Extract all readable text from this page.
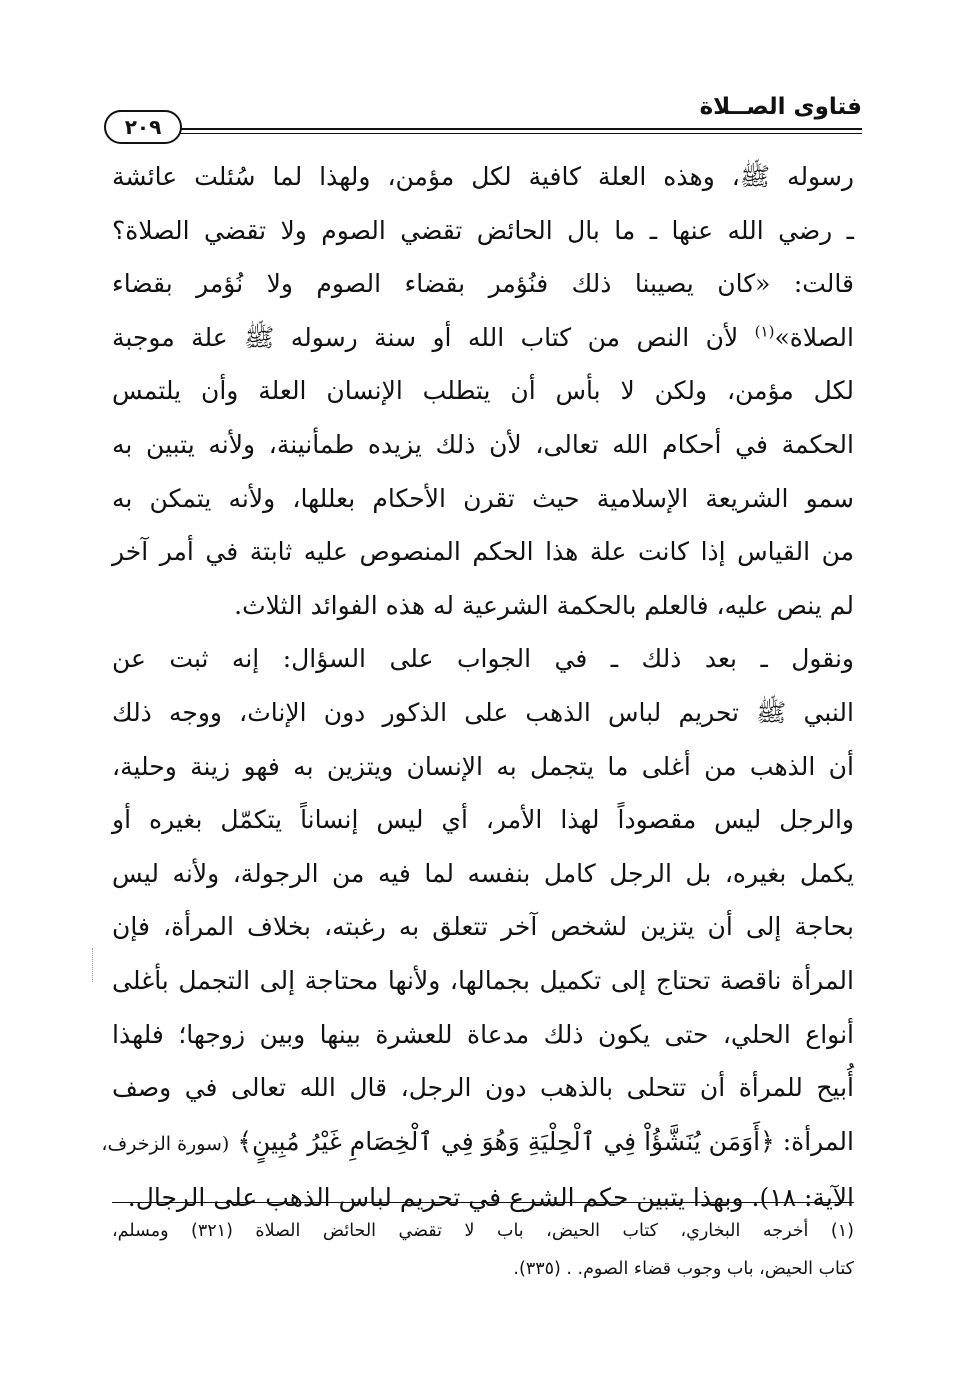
فتاوى الصــلاة
٢٠٩
رسوله ﷺ، وهذه العلة كافية لكل مؤمن، ولهذا لما سُئلت عائشة
ـ رضي الله عنها ـ ما بال الحائض تقضي الصوم ولا تقضي الصلاة؟
قالت: «كان يصيبنا ذلك فنُؤمر بقضاء الصوم ولا نُؤمر بقضاء
الصلاة»$^{(١)}$ لأن النص من كتاب الله أو سنة رسوله ﷺ علة موجبة
لكل مؤمن، ولكن لا بأس أن يتطلب الإنسان العلة وأن يلتمس
الحكمة في أحكام الله تعالى، لأن ذلك يزيده طمأنينة، ولأنه يتبين به
سمو الشريعة الإسلامية حيث تقرن الأحكام بعللها، ولأنه يتمكن به
من القياس إذا كانت علة هذا الحكم المنصوص عليه ثابتة في أمر آخر
لم ينص عليه، فالعلم بالحكمة الشرعية له هذه الفوائد الثلاث.
ونقول ـ بعد ذلك ـ في الجواب على السؤال: إنه ثبت عن
النبي ﷺ تحريم لباس الذهب على الذكور دون الإناث، ووجه ذلك
أن الذهب من أغلى ما يتجمل به الإنسان ويتزين به فهو زينة وحلية،
والرجل ليس مقصوداً لهذا الأمر، أي ليس إنساناً يتكمّل بغيره أو
يكمل بغيره، بل الرجل كامل بنفسه لما فيه من الرجولة، ولأنه ليس
بحاجة إلى أن يتزين لشخص آخر تتعلق به رغبته، بخلاف المرأة، فإن
المرأة ناقصة تحتاج إلى تكميل بجمالها، ولأنها محتاجة إلى التجمل بأغلى
أنواع الحلي، حتى يكون ذلك مدعاة للعشرة بينها وبين زوجها؛ فلهذا
أُبيح للمرأة أن تتحلى بالذهب دون الرجل، قال الله تعالى في وصف
المرأة: ﴿أَوَمَن يُنَشَّؤُاْ فِي ٱلْحِلْيَةِ وَهُوَ فِي ٱلْخِصَامِ غَيْرُ مُبِينٍ﴾ (سورة الزخرف،
الآية: ١٨). وبهذا يتبين حكم الشرع في تحريم لباس الذهب على الرجال.
(١) أخرجه البخاري، كتاب الحيض، باب لا تقضي الحائض الصلاة (٣٢١) ومسلم،
كتاب الحيض، باب وجوب قضاء الصوم. . (٣٣٥).
